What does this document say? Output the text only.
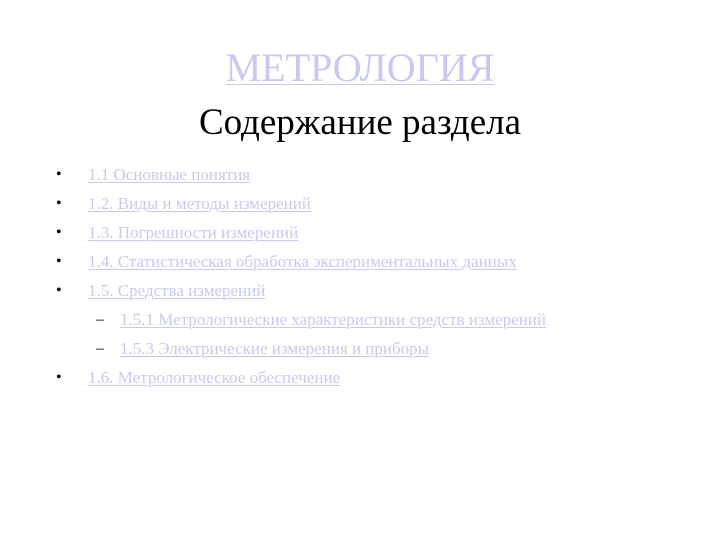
МЕТРОЛОГИЯ
Содержание раздела
•	1.1 Основные понятия
•	1.2. Виды и методы измерений
•	1.3. Погрешности измерений
•	1.4. Статистическая обработка экспериментальных данных
•	1.5. Средства измерений
– 1.5.1 Метрологические характеристики средств измерений
– 1.5.3 Электрические измерения и приборы
•	1.6. Метрологическое обеспечение
